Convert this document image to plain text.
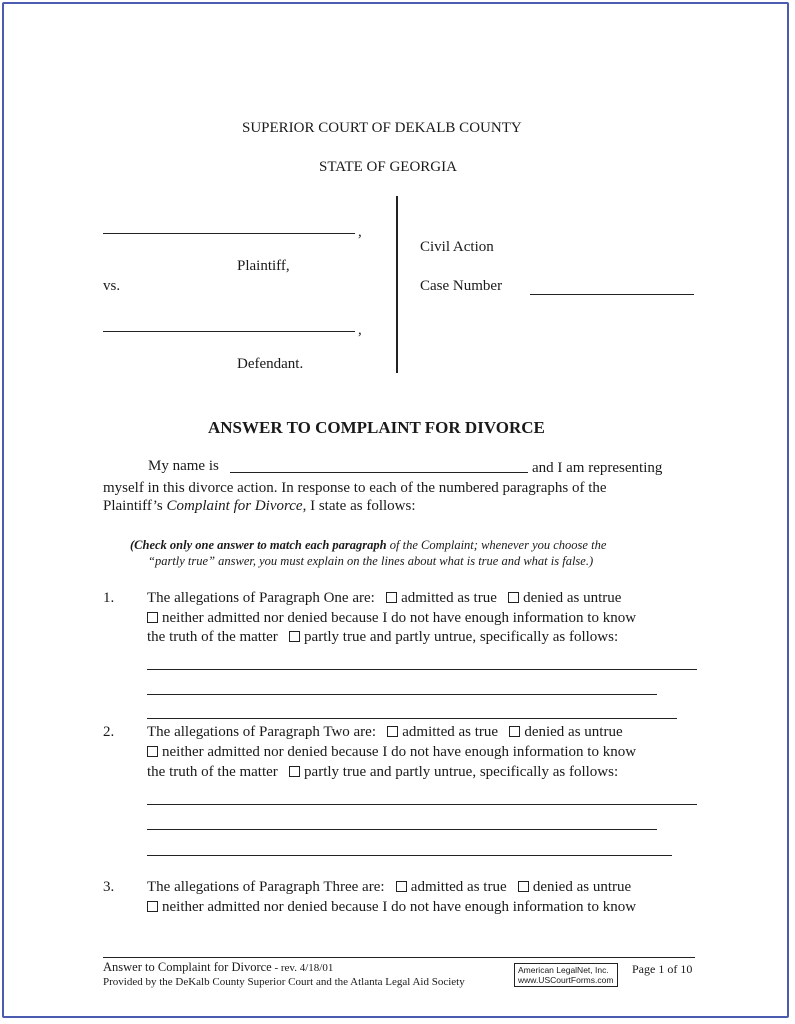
SUPERIOR COURT OF DEKALB COUNTY
STATE OF GEORGIA
,
Plaintiff,
vs.
,
Defendant.
Civil Action
Case Number
ANSWER TO COMPLAINT FOR DIVORCE
My name is	and I am representing
myself in this divorce action. In response to each of the numbered paragraphs of the
Plaintiff’s Complaint for Divorce, I state as follows:
(Check only one answer to match each paragraph of the Complaint; whenever you choose the
“partly true” answer, you must explain on the lines about what is true and what is false.)
1. The allegations of Paragraph One are: admitted as true denied as untrue
neither admitted nor denied because I do not have enough information to know
the truth of the matter partly true and partly untrue, specifically as follows:
2. The allegations of Paragraph Two are: admitted as true denied as untrue
neither admitted nor denied because I do not have enough information to know
the truth of the matter partly true and partly untrue, specifically as follows:
3. The allegations of Paragraph Three are: admitted as true denied as untrue
neither admitted nor denied because I do not have enough information to know
Answer to Complaint for Divorce - rev. 4/18/01
Provided by the DeKalb County Superior Court and the Atlanta Legal Aid Society
American LegalNet, Inc.
www.USCourtForms.com
Page 1 of 10
